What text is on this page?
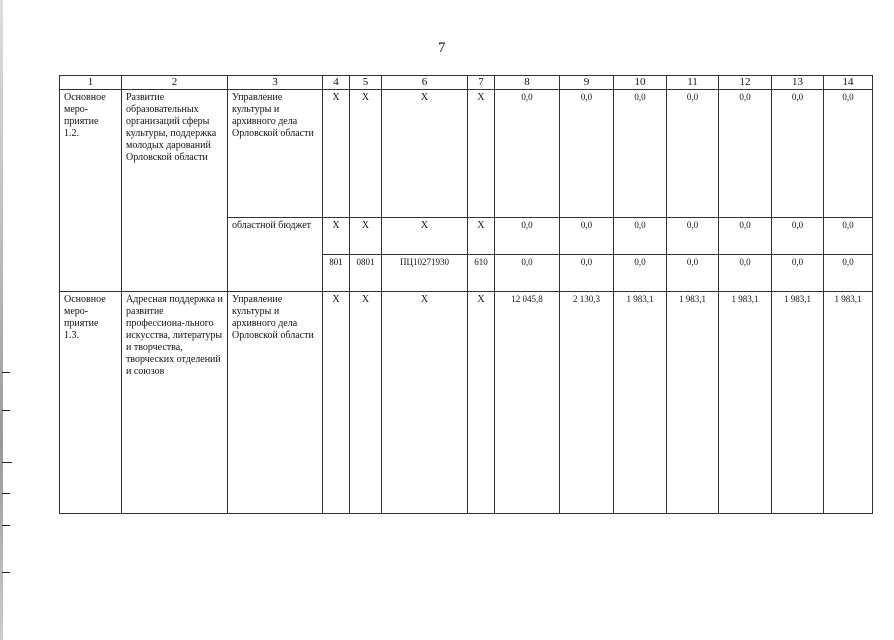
7
1	2	3	4	5	6	7	8	9	10	11	12	13	14
Основное
меро-
приятие
1.2.	Развитие образовательных организаций сферы культуры, поддержка молодых дарований Орловской области	Управление культуры и архивного дела Орловской области	Х	Х	Х	Х	0,0	0,0	0,0	0,0	0,0	0,0	0,0
		областной бюджет	Х	Х	Х	Х	0,0	0,0	0,0	0,0	0,0	0,0	0,0
			801	0801	ПЦ10271930	610	0,0	0,0	0,0	0,0	0,0	0,0	0,0
Основное
меро-
приятие
1.3.	Адресная поддержка и развитие профессиона-льного искусства, литературы и творчества, творческих отделений и союзов	Управление культуры и архивного дела Орловской области	Х	Х	Х	Х	12 045,8	2 130,3	1 983,1	1 983,1	1 983,1	1 983,1	1 983,1
